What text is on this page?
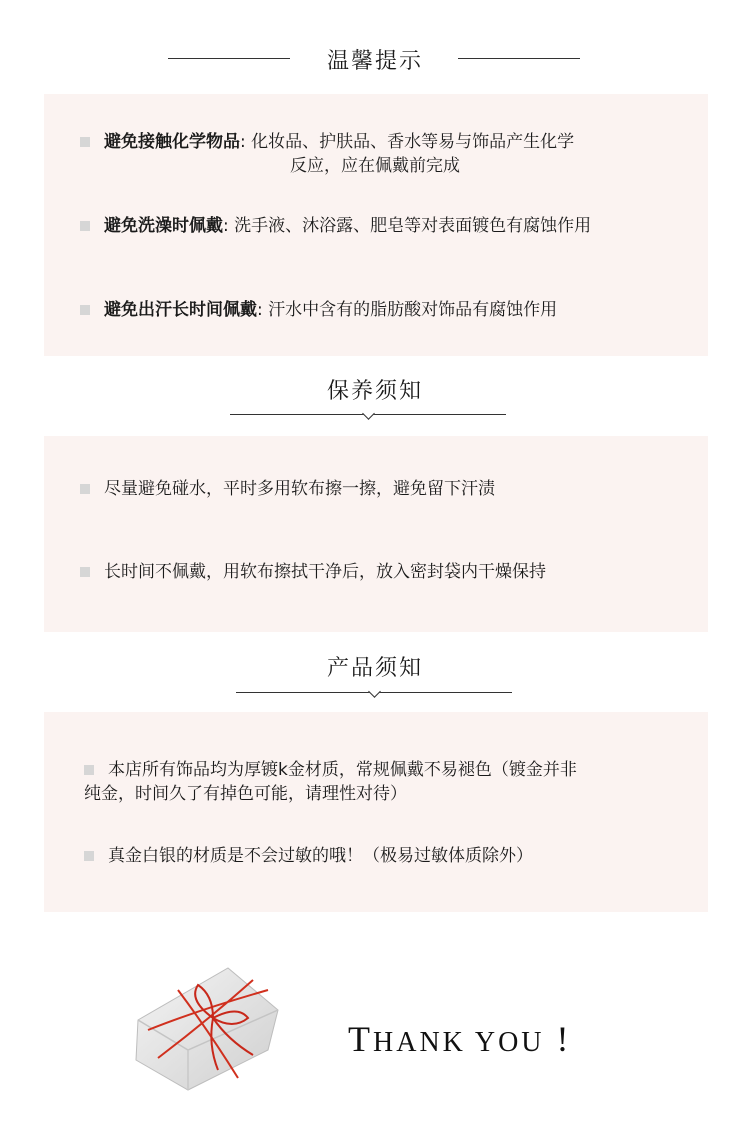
温馨提示
避免接触化学物品: 化妆品、护肤品、香水等易与饰品产生化学
反应，应在佩戴前完成
避免洗澡时佩戴: 洗手液、沐浴露、肥皂等对表面镀色有腐蚀作用
避免出汗长时间佩戴: 汗水中含有的脂肪酸对饰品有腐蚀作用
保养须知
尽量避免碰水，平时多用软布擦一擦，避免留下汗渍
长时间不佩戴，用软布擦拭干净后，放入密封袋内干燥保持
产品须知
本店所有饰品均为厚镀k金材质，常规佩戴不易褪色（镀金并非
纯金，时间久了有掉色可能，请理性对待）
真金白银的材质是不会过敏的哦！（极易过敏体质除外）
THANK YOU !
